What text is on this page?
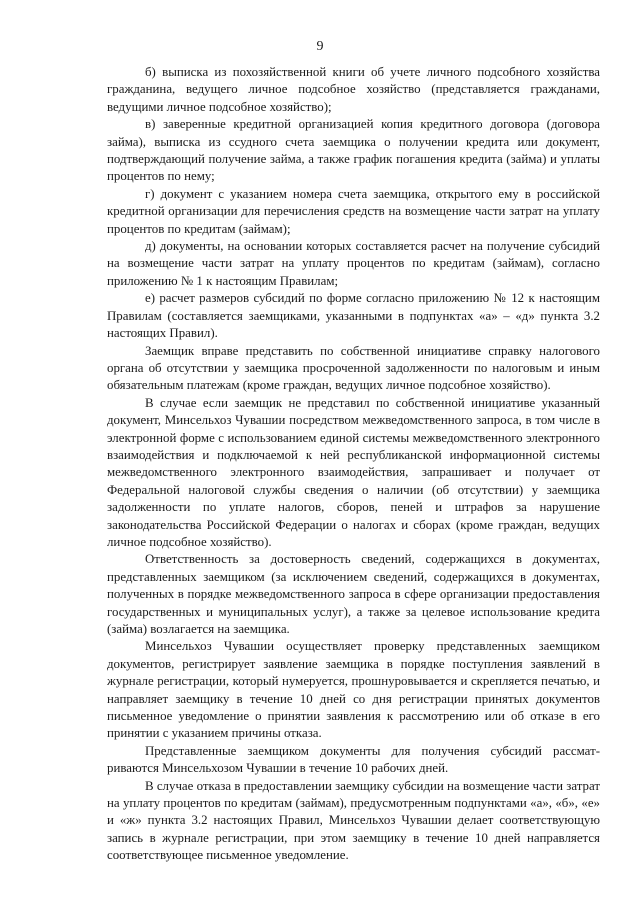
9

б) выписка из похозяйственной книги об учете личного подсобного хозяйства гражданина, ведущего личное подсобное хозяйство (представляется гражданами, ведущими личное подсобное хозяйство);

в) заверенные кредитной организацией копия кредитного договора (договора займа), выписка из ссудного счета заемщика о получении кредита или документ, подтверждающий получение займа, а также график погашения кредита (займа) и уплаты процентов по нему;

г) документ с указанием номера счета заемщика, открытого ему в российской кредитной организации для перечисления средств на возмещение части затрат на уплату процентов по кредитам (займам);

д) документы, на основании которых составляется расчет на получение субсидий на возмещение части затрат на уплату процентов по кредитам (займам), согласно приложению № 1 к настоящим Правилам;

е) расчет размеров субсидий по форме согласно приложению № 12 к настоящим Правилам (составляется заемщиками, указанными в подпунктах «а» – «д» пункта 3.2 настоящих Правил).

Заемщик вправе представить по собственной инициативе справку налогового органа об отсутствии у заемщика просроченной задолженности по налоговым и иным обязательным платежам (кроме граждан, ведущих личное подсобное хозяйство).

В случае если заемщик не представил по собственной инициативе указанный документ, Минсельхоз Чувашии посредством межведомственного запроса, в том числе в электронной форме с использованием единой системы межведомственного электронного взаимодействия и подключаемой к ней республиканской информационной системы межведомственного электронного взаимодействия, запрашивает и получает от Федеральной налоговой службы сведения о наличии (об отсутствии) у заемщика задолженности по уплате налогов, сборов, пеней и штрафов за нарушение законодательства Российской Федерации о налогах и сборах (кроме граждан, ведущих личное подсобное хозяйство).

Ответственность за достоверность сведений, содержащихся в документах, представленных заемщиком (за исключением сведений, содержащихся в документах, полученных в порядке межведомственного запроса в сфере организации предоставления государственных и муниципальных услуг), а также за целевое использование кредита (займа) возлагается на заемщика.

Минсельхоз Чувашии осуществляет проверку представленных заемщиком документов, регистрирует заявление заемщика в порядке поступления заявлений в журнале регистрации, который нумеруется, прошнуровывается и скрепляется печатью, и направляет заемщику в течение 10 дней со дня регистрации принятых документов письменное уведомление о принятии заявления к рассмотрению или об отказе в его принятии с указанием причины отказа.

Представленные заемщиком документы для получения субсидий рассматриваются Минсельхозом Чувашии в течение 10 рабочих дней.

В случае отказа в предоставлении заемщику субсидии на возмещение части затрат на уплату процентов по кредитам (займам), предусмотренным подпунктами «а», «б», «е» и «ж» пункта 3.2 настоящих Правил, Минсельхоз Чувашии делает соответствующую запись в журнале регистрации, при этом заемщику в течение 10 дней направляется соответствующее письменное уведомление.
